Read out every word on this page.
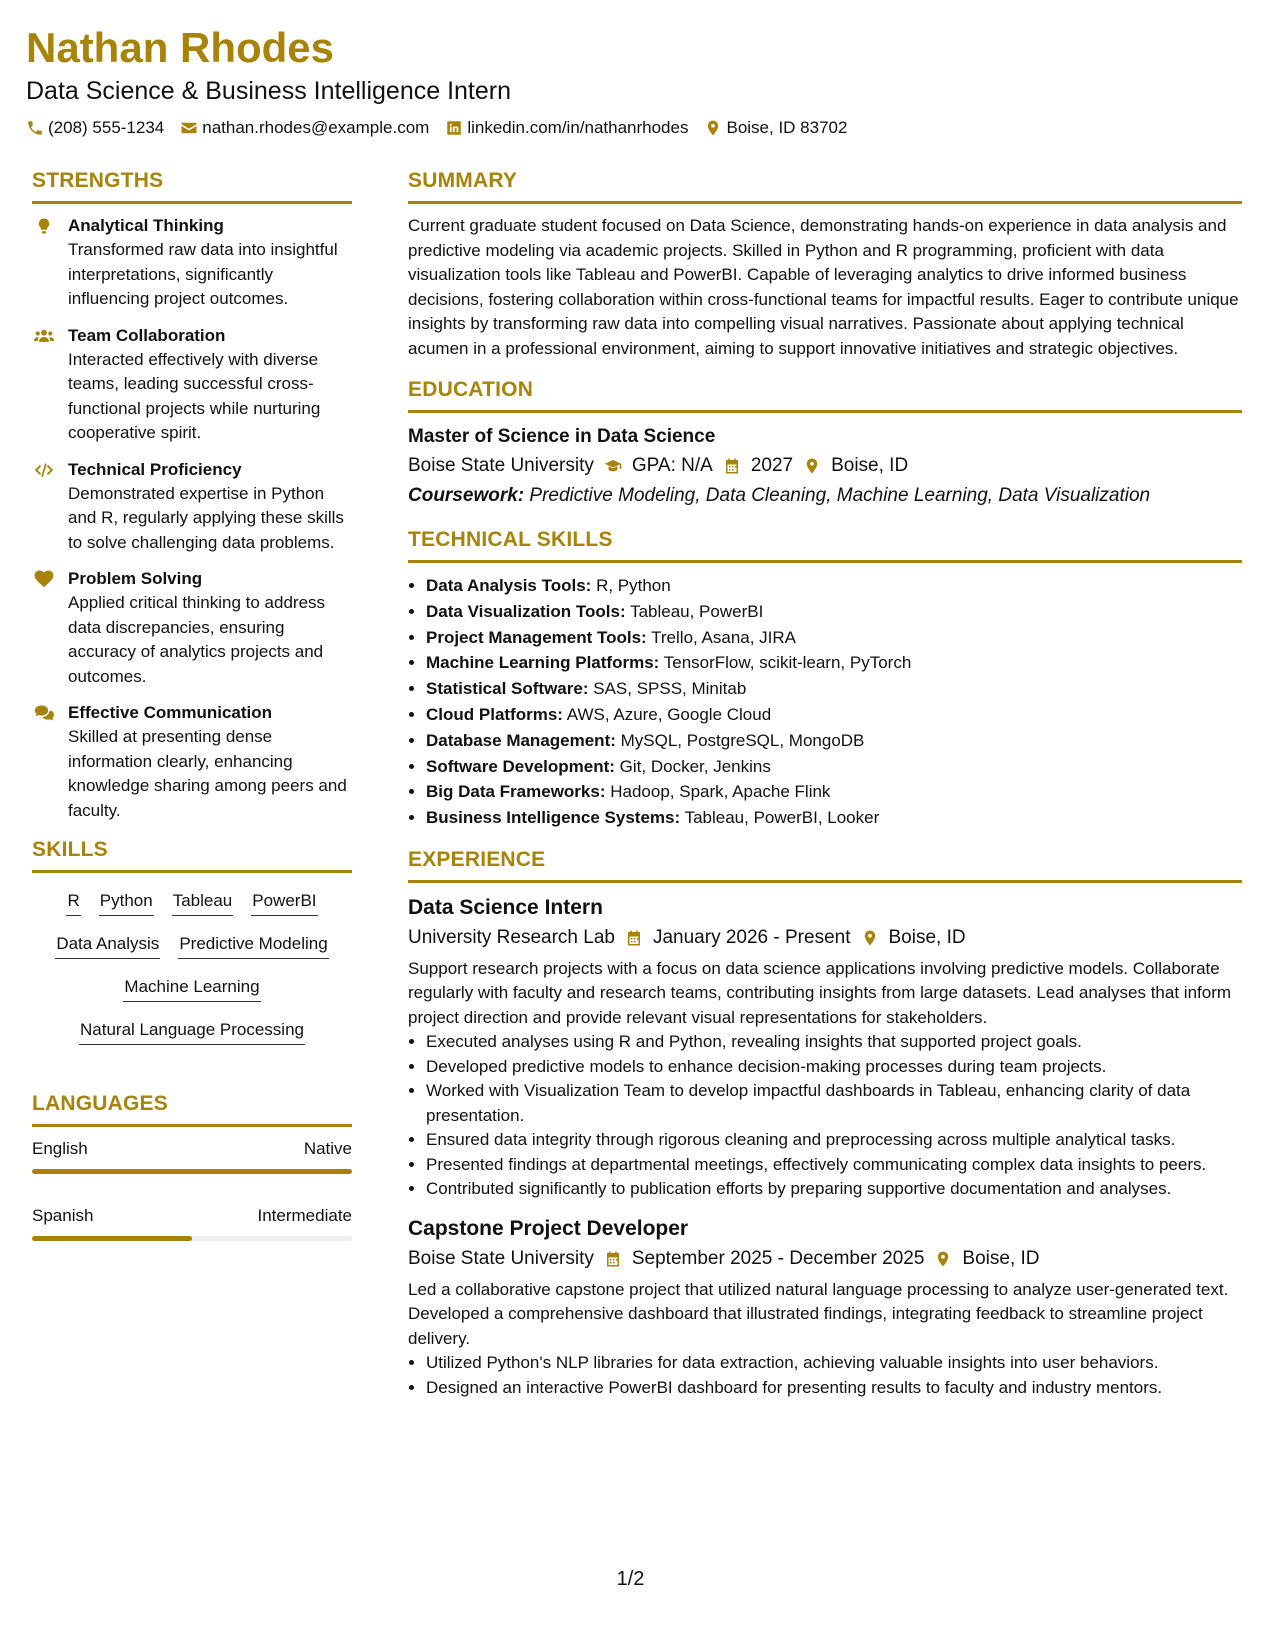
Nathan Rhodes
Data Science & Business Intelligence Intern
(208) 555-1234 nathan.rhodes@example.com linkedin.com/in/nathanrhodes Boise, ID 83702
STRENGTHS
Analytical Thinking
Transformed raw data into insightful interpretations, significantly influencing project outcomes.
Team Collaboration
Interacted effectively with diverse teams, leading successful cross-functional projects while nurturing cooperative spirit.
Technical Proficiency
Demonstrated expertise in Python and R, regularly applying these skills to solve challenging data problems.
Problem Solving
Applied critical thinking to address data discrepancies, ensuring accuracy of analytics projects and outcomes.
Effective Communication
Skilled at presenting dense information clearly, enhancing knowledge sharing among peers and faculty.
SKILLS
R Python Tableau PowerBI
Data Analysis Predictive Modeling
Machine Learning
Natural Language Processing
LANGUAGES
English	Native
Spanish	Intermediate
SUMMARY

Current graduate student focused on Data Science, demonstrating hands-on experience in data analysis and predictive modeling via academic projects. Skilled in Python and R programming, proficient with data visualization tools like Tableau and PowerBI. Capable of leveraging analytics to drive informed business decisions, fostering collaboration within cross-functional teams for impactful results. Eager to contribute unique insights by transforming raw data into compelling visual narratives. Passionate about applying technical acumen in a professional environment, aiming to support innovative initiatives and strategic objectives.

EDUCATION
Master of Science in Data Science
Boise State University GPA: N/A 2027 Boise, ID
Coursework: Predictive Modeling, Data Cleaning, Machine Learning, Data Visualization
TECHNICAL SKILLS
• Data Analysis Tools: R, Python
• Data Visualization Tools: Tableau, PowerBI
• Project Management Tools: Trello, Asana, JIRA
• Machine Learning Platforms: TensorFlow, scikit-learn, PyTorch
• Statistical Software: SAS, SPSS, Minitab
• Cloud Platforms: AWS, Azure, Google Cloud
• Database Management: MySQL, PostgreSQL, MongoDB
• Software Development: Git, Docker, Jenkins
• Big Data Frameworks: Hadoop, Spark, Apache Flink
• Business Intelligence Systems: Tableau, PowerBI, Looker
EXPERIENCE
Data Science Intern
University Research Lab January 2026 - Present Boise, ID

Support research projects with a focus on data science applications involving predictive models. Collaborate regularly with faculty and research teams, contributing insights from large datasets. Lead analyses that inform project direction and provide relevant visual representations for stakeholders.

• Executed analyses using R and Python, revealing insights that supported project goals.
• Developed predictive models to enhance decision-making processes during team projects.
• Worked with Visualization Team to develop impactful dashboards in Tableau, enhancing clarity of data presentation.
• Ensured data integrity through rigorous cleaning and preprocessing across multiple analytical tasks.
• Presented findings at departmental meetings, effectively communicating complex data insights to peers.
• Contributed significantly to publication efforts by preparing supportive documentation and analyses.
Capstone Project Developer
Boise State University September 2025 - December 2025 Boise, ID

Led a collaborative capstone project that utilized natural language processing to analyze user-generated text. Developed a comprehensive dashboard that illustrated findings, integrating feedback to streamline project delivery.

• Utilized Python's NLP libraries for data extraction, achieving valuable insights into user behaviors.
• Designed an interactive PowerBI dashboard for presenting results to faculty and industry mentors.
1/2
